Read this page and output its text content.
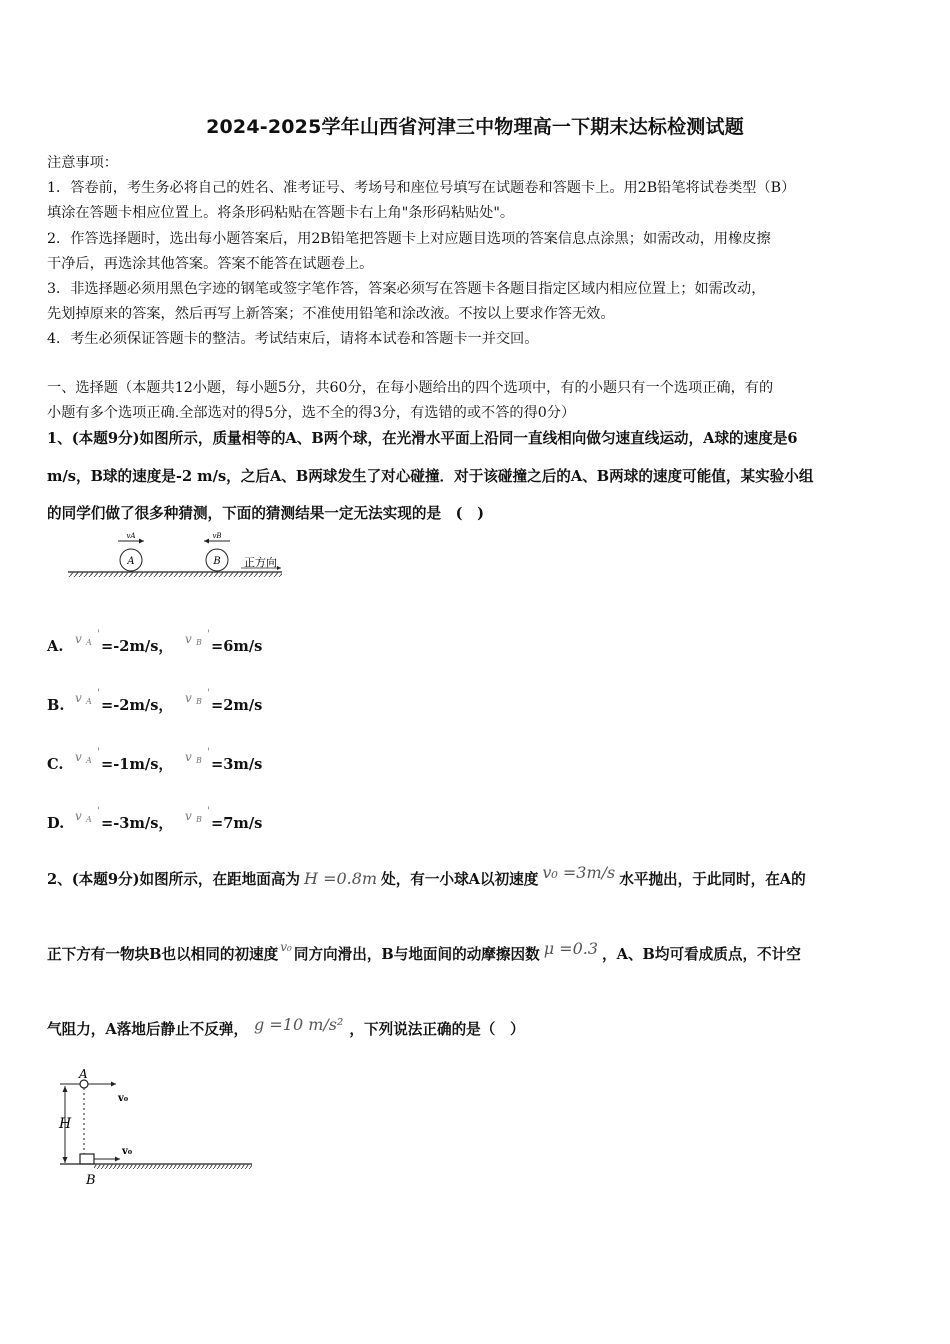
2024-2025学年山西省河津三中物理高一下期末达标检测试题
注意事项：
1．答卷前，考生务必将自己的姓名、准考证号、考场号和座位号填写在试题卷和答题卡上。用2B铅笔将试卷类型（B）
填涂在答题卡相应位置上。将条形码粘贴在答题卡右上角"条形码粘贴处"。
2．作答选择题时，选出每小题答案后，用2B铅笔把答题卡上对应题目选项的答案信息点涂黑；如需改动，用橡皮擦
干净后，再选涂其他答案。答案不能答在试题卷上。
3．非选择题必须用黑色字迹的钢笔或签字笔作答，答案必须写在答题卡各题目指定区域内相应位置上；如需改动，
先划掉原来的答案，然后再写上新答案；不准使用铅笔和涂改液。不按以上要求作答无效。
4．考生必须保证答题卡的整洁。考试结束后，请将本试卷和答题卡一并交回。
一、选择题（本题共12小题，每小题5分，共60分，在每小题给出的四个选项中，有的小题只有一个选项正确，有的
小题有多个选项正确.全部选对的得5分，选不全的得3分，有选错的或不答的得0分）
1、(本题9分)如图所示，质量相等的A、B两个球，在光滑水平面上沿同一直线相向做匀速直线运动，A球的速度是6
m/s，B球的速度是-2 m/s，之后A、B两球发生了对心碰撞．对于该碰撞之后的A、B两球的速度可能值，某实验小组
的同学们做了很多种猜测，下面的猜测结果一定无法实现的是　(　)
A	B
vA	vB
正方向
A. v A
'
=-2m/s， v B
'
=6m/s
B. v A
'
=-2m/s， v B
'
=2m/s
C. v A
'
=-1m/s， v B
'
=3m/s
D. v A
'
=-3m/s， v B
'
=7m/s
2、(本题9分)如图所示，在距地面高为 H =0.8m 处，有一小球A以初速度 v₀ =3m/s 水平抛出，于此同时，在A的
正下方有一物块B也以相同的初速度 $^{v_0}$ 同方向滑出，B与地面间的动摩擦因数 μ =0.3 ，A、B均可看成质点，不计空
气阻力，A落地后静止不反弹， g =10 m/s² ，下列说法正确的是（　）
H
A
v₀
v₀
B
